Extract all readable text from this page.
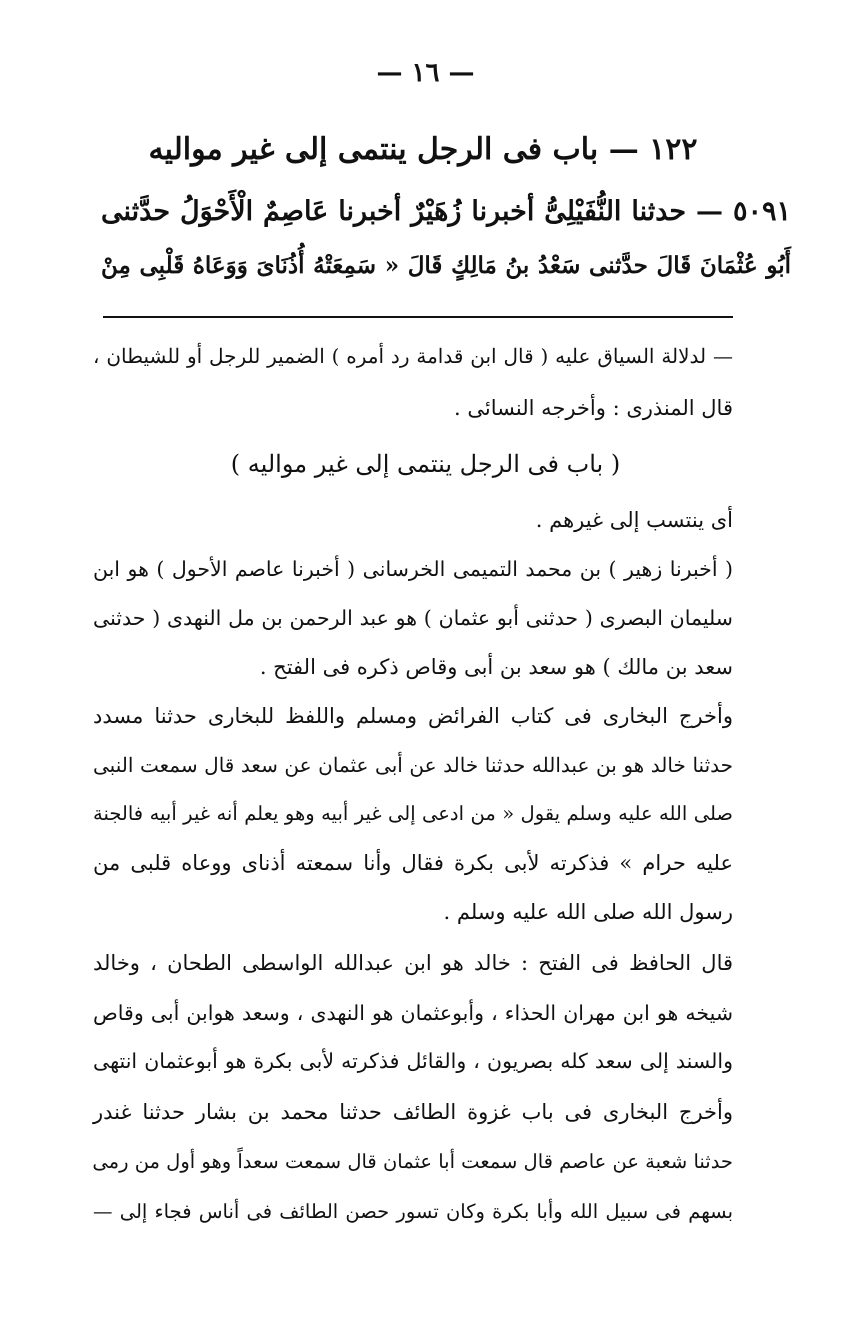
— ١٦ —
١٢٢ — باب فى الرجل ينتمى إلى غير مواليه
٥٠٩١ — حدثنا النُّفَيْلِىُّ أخبرنا زُهَيْرٌ أخبرنا عَاصِمٌ الْأَحْوَلُ حدَّثنى
أَبُو عُثْمَانَ قَالَ حدَّثنى سَعْدُ بنُ مَالِكٍ قَالَ « سَمِعَتْهُ أُذُنَاىَ وَوَعَاهُ قَلْبِى مِنْ
— لدلالة السياق عليه ( قال ابن قدامة رد أمره ) الضمير للرجل أو للشيطان ،
قال المنذرى : وأخرجه النسائى .
( باب فى الرجل ينتمى إلى غير مواليه )
أى ينتسب إلى غيرهم .
( أخبرنا زهير ) بن محمد التميمى الخرسانى ( أخبرنا عاصم الأحول ) هو ابن
سليمان البصرى ( حدثنى أبو عثمان ) هو عبد الرحمن بن مل النهدى ( حدثنى
سعد بن مالك ) هو سعد بن أبى وقاص ذكره فى الفتح .
وأخرج البخارى فى كتاب الفرائض ومسلم واللفظ للبخارى حدثنا مسدد
حدثنا خالد هو بن عبدالله حدثنا خالد عن أبى عثمان عن سعد قال سمعت النبى
صلى الله عليه وسلم يقول « من ادعى إلى غير أبيه وهو يعلم أنه غير أبيه فالجنة
عليه حرام » فذكرته لأبى بكرة فقال وأنا سمعته أذناى ووعاه قلبى من
رسول الله صلى الله عليه وسلم .
قال الحافظ فى الفتح : خالد هو ابن عبدالله الواسطى الطحان ، وخالد
شيخه هو ابن مهران الحذاء ، وأبوعثمان هو النهدى ، وسعد هوابن أبى وقاص
والسند إلى سعد كله بصريون ، والقائل فذكرته لأبى بكرة هو أبوعثمان انتهى
وأخرج البخارى فى باب غزوة الطائف حدثنا محمد بن بشار حدثنا غندر
حدثنا شعبة عن عاصم قال سمعت أبا عثمان قال سمعت سعداً وهو أول من رمى
بسهم فى سبيل الله وأبا بكرة وكان تسور حصن الطائف فى أناس فجاء إلى —
